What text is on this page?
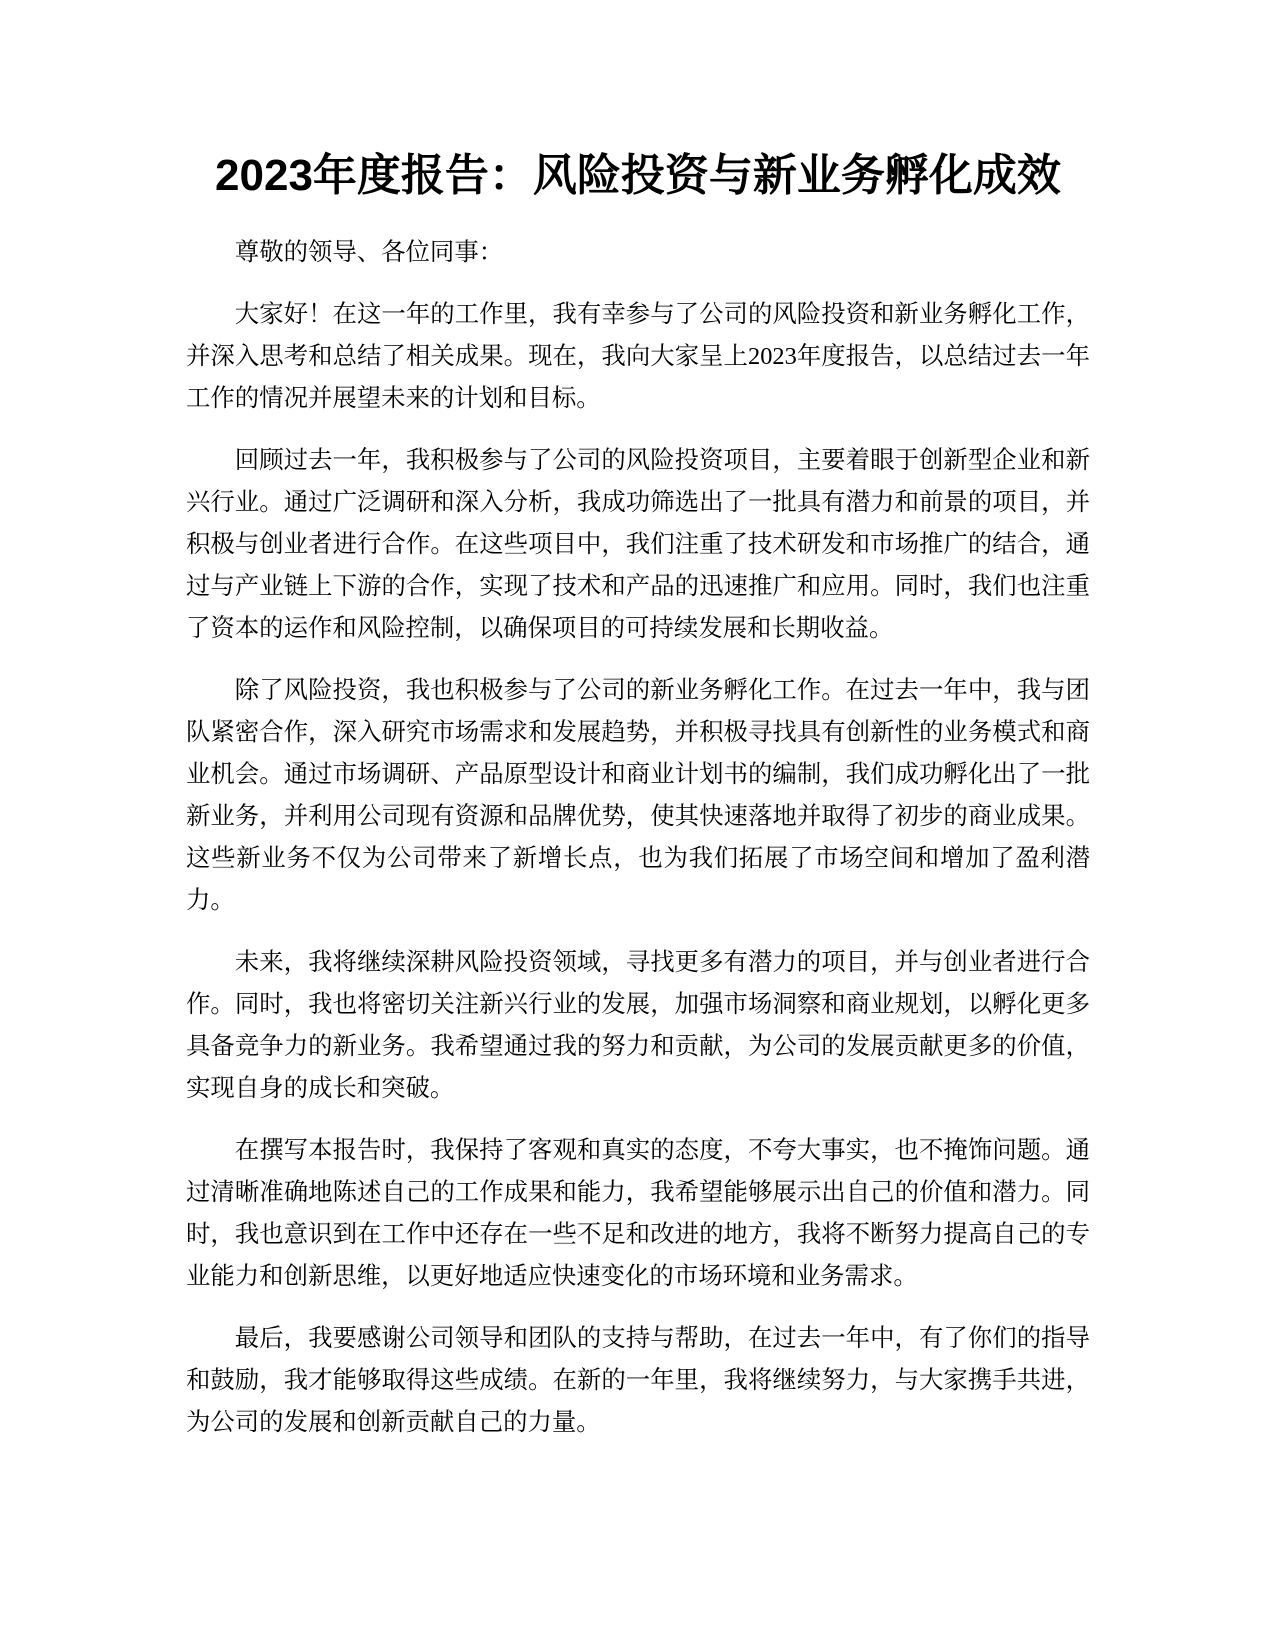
2023年度报告：风险投资与新业务孵化成效

尊敬的领导、各位同事：

大家好！在这一年的工作里，我有幸参与了公司的风险投资和新业务孵化工作，并深入思考和总结了相关成果。现在，我向大家呈上2023年度报告，以总结过去一年工作的情况并展望未来的计划和目标。

回顾过去一年，我积极参与了公司的风险投资项目，主要着眼于创新型企业和新兴行业。通过广泛调研和深入分析，我成功筛选出了一批具有潜力和前景的项目，并积极与创业者进行合作。在这些项目中，我们注重了技术研发和市场推广的结合，通过与产业链上下游的合作，实现了技术和产品的迅速推广和应用。同时，我们也注重了资本的运作和风险控制，以确保项目的可持续发展和长期收益。

除了风险投资，我也积极参与了公司的新业务孵化工作。在过去一年中，我与团队紧密合作，深入研究市场需求和发展趋势，并积极寻找具有创新性的业务模式和商业机会。通过市场调研、产品原型设计和商业计划书的编制，我们成功孵化出了一批新业务，并利用公司现有资源和品牌优势，使其快速落地并取得了初步的商业成果。这些新业务不仅为公司带来了新增长点，也为我们拓展了市场空间和增加了盈利潜力。

未来，我将继续深耕风险投资领域，寻找更多有潜力的项目，并与创业者进行合作。同时，我也将密切关注新兴行业的发展，加强市场洞察和商业规划，以孵化更多具备竞争力的新业务。我希望通过我的努力和贡献，为公司的发展贡献更多的价值，实现自身的成长和突破。

在撰写本报告时，我保持了客观和真实的态度，不夸大事实，也不掩饰问题。通过清晰准确地陈述自己的工作成果和能力，我希望能够展示出自己的价值和潜力。同时，我也意识到在工作中还存在一些不足和改进的地方，我将不断努力提高自己的专业能力和创新思维，以更好地适应快速变化的市场环境和业务需求。

最后，我要感谢公司领导和团队的支持与帮助，在过去一年中，有了你们的指导和鼓励，我才能够取得这些成绩。在新的一年里，我将继续努力，与大家携手共进，为公司的发展和创新贡献自己的力量。
